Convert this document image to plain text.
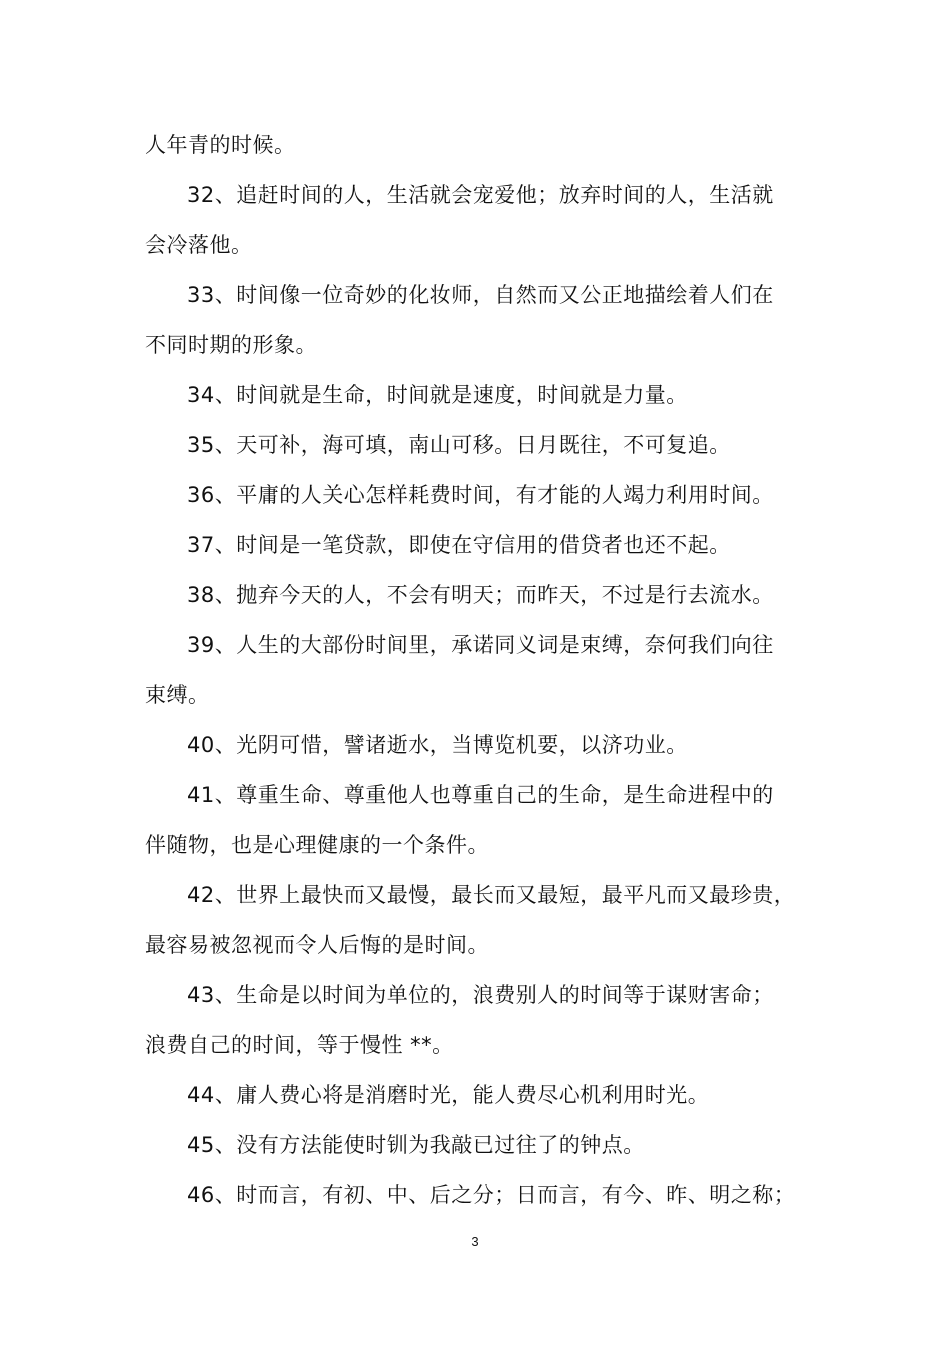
人年青的时候。
32、追赶时间的人，生活就会宠爱他；放弃时间的人，生活就
会冷落他。
33、时间像一位奇妙的化妆师，自然而又公正地描绘着人们在
不同时期的形象。
34、时间就是生命，时间就是速度，时间就是力量。
35、天可补，海可填，南山可移。日月既往，不可复追。
36、平庸的人关心怎样耗费时间，有才能的人竭力利用时间。
37、时间是一笔贷款，即使在守信用的借贷者也还不起。
38、抛弃今天的人，不会有明天；而昨天，不过是行去流水。
39、人生的大部份时间里，承诺同义词是束缚，奈何我们向往
束缚。
40、光阴可惜，譬诸逝水，当博览机要，以济功业。
41、尊重生命、尊重他人也尊重自己的生命，是生命进程中的
伴随物，也是心理健康的一个条件。
42、世界上最快而又最慢，最长而又最短，最平凡而又最珍贵，
最容易被忽视而令人后悔的是时间。
43、生命是以时间为单位的，浪费别人的时间等于谋财害命；
浪费自己的时间，等于慢性 **。
44、庸人费心将是消磨时光，能人费尽心机利用时光。
45、没有方法能使时钏为我敲已过往了的钟点。
46、时而言，有初、中、后之分；日而言，有今、昨、明之称；
3
